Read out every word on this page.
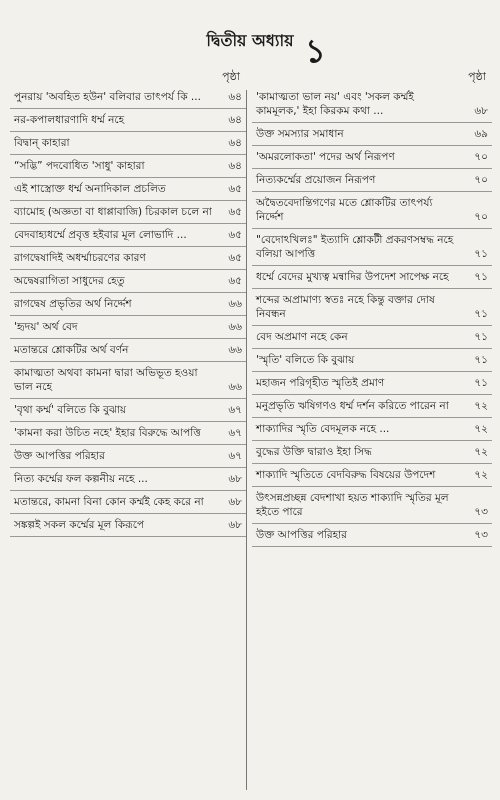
দ্বিতীয় অধ্যায় ১
পৃষ্ঠা
পুনরায় 'অবহিত হউন' বলিবার তাৎপর্য কি ...	৬৪
নর-কপালধারণাদি ধর্ম্ম নহে	৬৪
বিদ্বান্ কাহারা	৬৪
“সদ্ভি” পদবোধিত 'সাধু' কাহারা	৬৪
এই শাস্ত্রোক্ত ধর্ম্ম অনাদিকাল প্রচলিত	৬৫
ব্যামোহ (অজ্ঞতা বা ধাপ্পাবাজি) চিরকাল চলে না ৬৫
বেদবাহ্যধর্ম্মে প্রবৃত্ত হইবার মূল লোভাদি ...	৬৫
রাগদ্বেষাদিই অধর্ম্মাচরণের কারণ	৬৫
অদ্বেষরাগিতা সাধুদের হেতু	৬৫
রাগদ্বেষ প্রভৃতির অর্থ নির্দ্দেশ	৬৬
'হৃদয়' অর্থ বেদ	৬৬
মতান্তরে শ্লোকটির অর্থ বর্ণন	৬৬
কামাত্মতা অথবা কামনা দ্বারা অভিভূত হওয়া ভাল নহে	৬৬
'বৃথা কর্ম্ম' বলিতে কি বুঝায়	৬৭
'কামনা করা উচিত নহে' ইহার বিরুদ্ধে আপত্তি	৬৭
উক্ত আপত্তির পরিহার	৬৭
নিত্য কর্ম্মের ফল কল্পনীয় নহে ...	৬৮
মতান্তরে, কামনা বিনা কোন কর্ম্মই কেহ করে না ৬৮
সঙ্কল্পই সকল কর্ম্মের মূল কিরূপে	৬৮
পৃষ্ঠা
'কামাত্মতা ভাল নয়' এবং 'সকল কর্ম্মই কামমূলক,' ইহা কিরকম কথা ...	৬৮
উক্ত সমস্যার সমাধান	৬৯
'অমরলোকতা' পদের অর্থ নিরূপণ	৭০
নিত্যকর্ম্মের প্রয়োজন নিরূপণ	৭০
অদ্বৈতবেদান্তিগণের মতে শ্লোকটির তাৎপর্য্য নির্দ্দেশ	৭০
"বেদোঽখিলঃ" ইত্যাদি শ্লোকটী প্রকরণসম্বদ্ধ নহে বলিয়া আপত্তি	৭১
ধর্ম্মে বেদের মুখ্যত্ব মন্বাদির উপদেশ সাপেক্ষ নহে ৭১
শব্দের অপ্রামাণ্য স্বতঃ নহে কিন্তু বক্তার দোষ নিবন্ধন	৭১
বেদ অপ্রমাণ নহে কেন	৭১
'স্মৃতি' বলিতে কি বুঝায়	৭১
মহাজন পরিগৃহীত স্মৃতিই প্রমাণ	৭১
মনুপ্রভৃতি ঋষিগণও ধর্ম্ম দর্শন করিতে পারেন না ৭২
শাক্যাদির স্মৃতি বেদমূলক নহে ...	৭২
বুদ্ধের উক্তি দ্বারাও ইহা সিদ্ধ	৭২
শাক্যাদি স্মৃতিতে বেদবিরুদ্ধ বিষয়ের উপদেশ	৭২
উৎসন্নপ্রচ্ছন্ন বেদশাখা হয়ত শাক্যাদি স্মৃতির মূল হইতে পারে	৭৩
উক্ত আপত্তির পরিহার	৭৩
